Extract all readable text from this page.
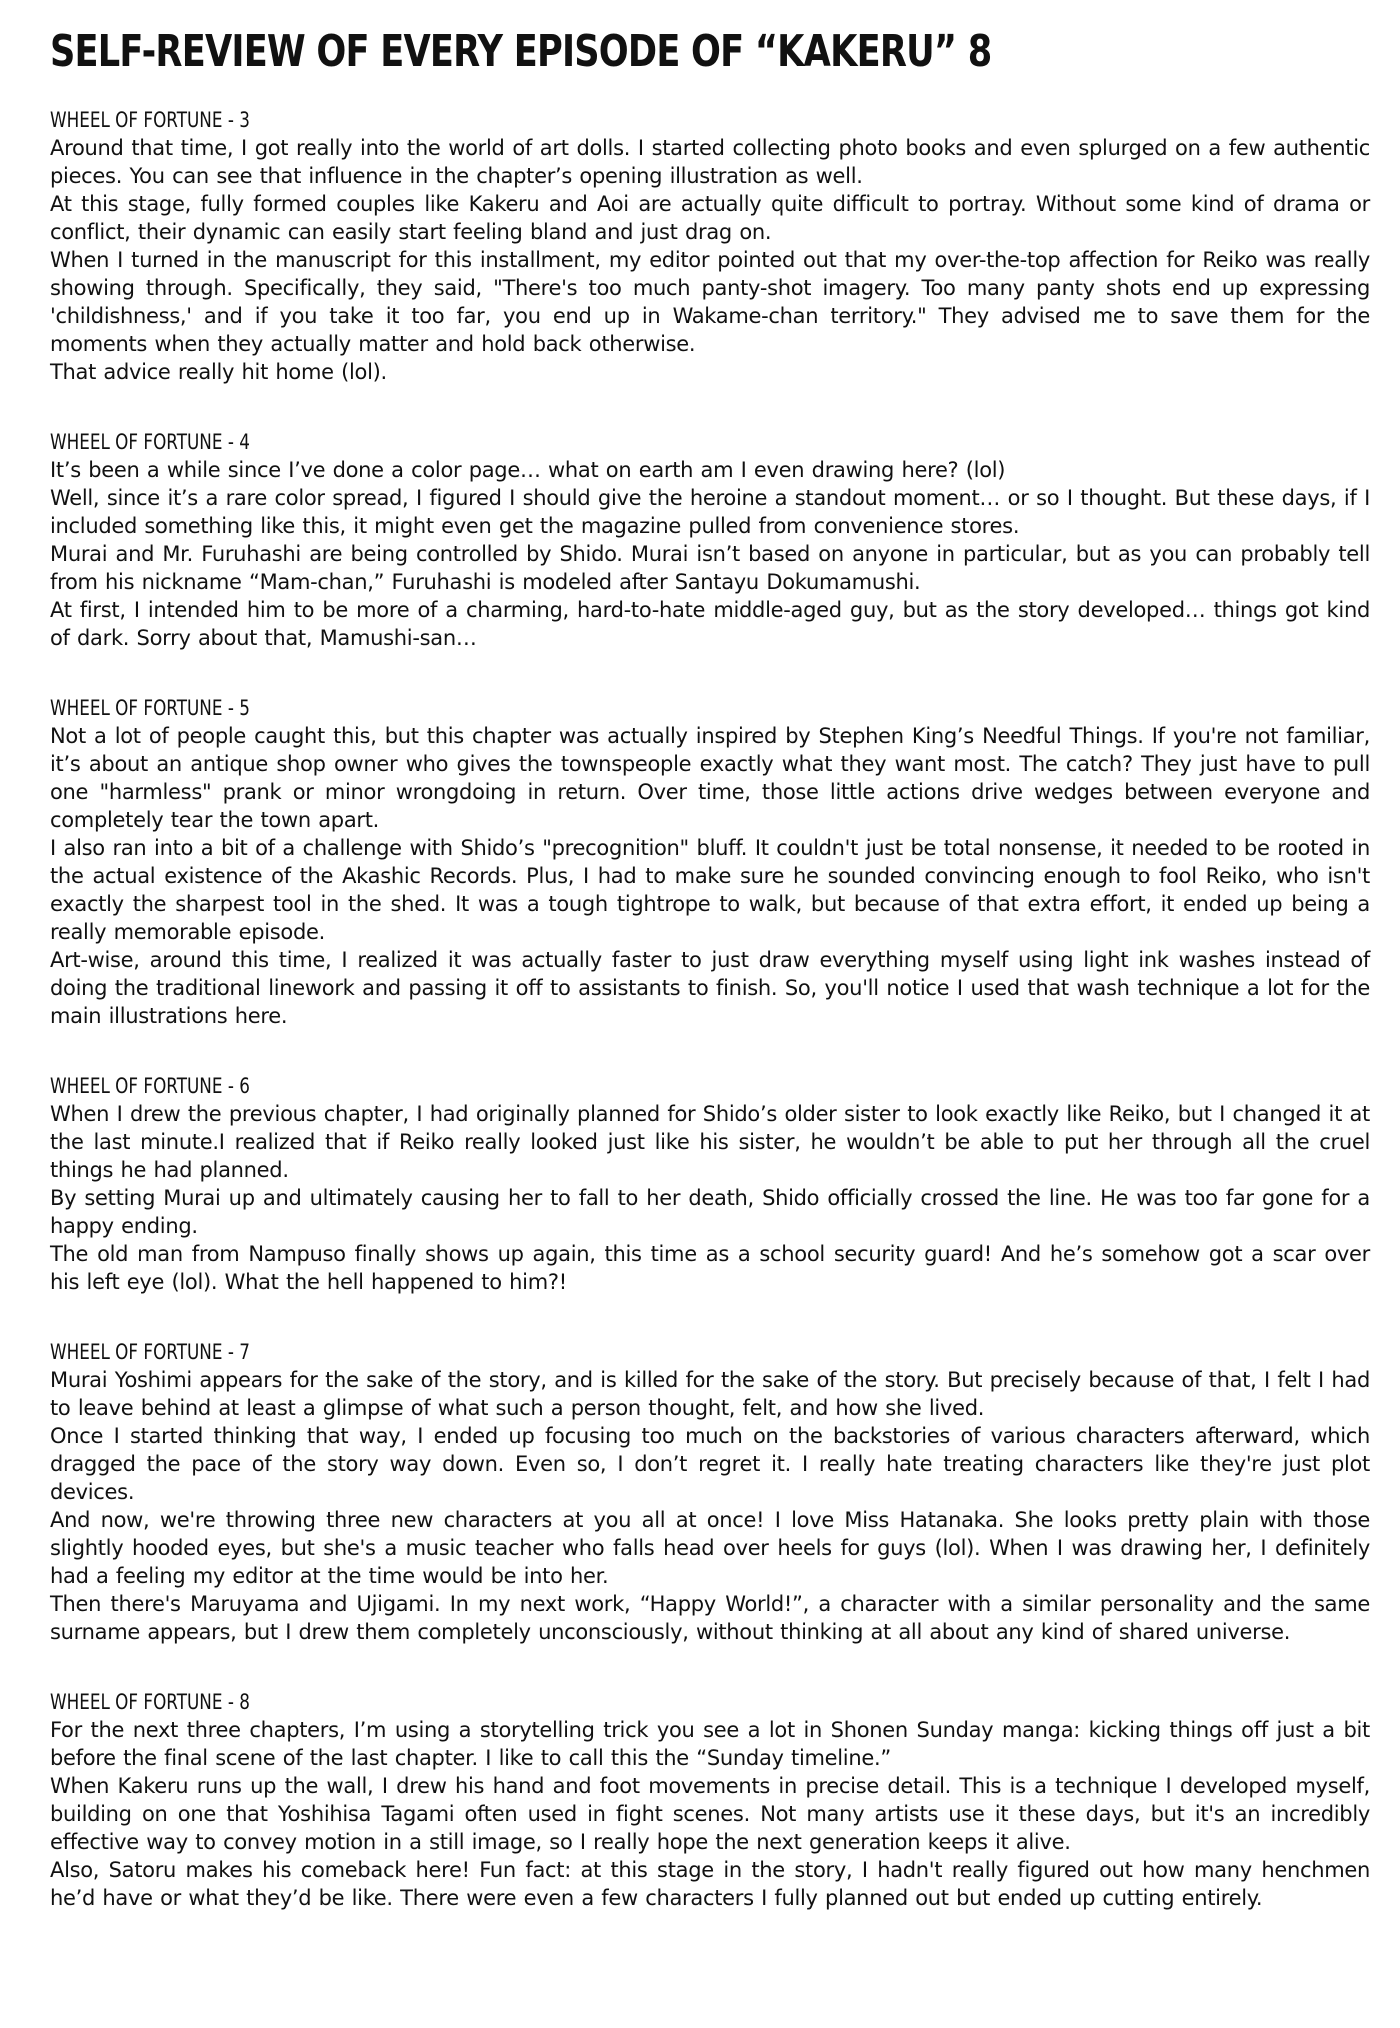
SELF-REVIEW OF EVERY EPISODE OF “KAKERU” 8
WHEEL OF FORTUNE - 3

Around that time, I got really into the world of art dolls. I started collecting photo books and even splurged on a few authentic pieces. You can see that influence in the chapter’s opening illustration as well.

At this stage, fully formed couples like Kakeru and Aoi are actually quite difficult to portray. Without some kind of drama or conflict, their dynamic can easily start feeling bland and just drag on.

When I turned in the manuscript for this installment, my editor pointed out that my over-the-top affection for Reiko was really showing through. Specifically, they said, "There's too much panty-shot imagery. Too many panty shots end up expressing 'childishness,' and if you take it too far, you end up in Wakame-chan territory." They advised me to save them for the moments when they actually matter and hold back otherwise.

That advice really hit home (lol).

WHEEL OF FORTUNE - 4

It’s been a while since I’ve done a color page… what on earth am I even drawing here? (lol)

Well, since it’s a rare color spread, I figured I should give the heroine a standout moment… or so I thought. But these days, if I included something like this, it might even get the magazine pulled from convenience stores.

Murai and Mr. Furuhashi are being controlled by Shido. Murai isn’t based on anyone in particular, but as you can probably tell from his nickname “Mam-chan,” Furuhashi is modeled after Santayu Dokumamushi.

At first, I intended him to be more of a charming, hard-to-hate middle-aged guy, but as the story developed… things got kind of dark. Sorry about that, Mamushi-san…

WHEEL OF FORTUNE - 5

Not a lot of people caught this, but this chapter was actually inspired by Stephen King’s Needful Things. If you're not familiar, it’s about an antique shop owner who gives the townspeople exactly what they want most. The catch? They just have to pull one "harmless" prank or minor wrongdoing in return. Over time, those little actions drive wedges between everyone and completely tear the town apart.

I also ran into a bit of a challenge with Shido’s "precognition" bluff. It couldn't just be total nonsense, it needed to be rooted in the actual existence of the Akashic Records. Plus, I had to make sure he sounded convincing enough to fool Reiko, who isn't exactly the sharpest tool in the shed. It was a tough tightrope to walk, but because of that extra effort, it ended up being a really memorable episode.

Art-wise, around this time, I realized it was actually faster to just draw everything myself using light ink washes instead of doing the traditional linework and passing it off to assistants to finish. So, you'll notice I used that wash technique a lot for the main illustrations here.

WHEEL OF FORTUNE - 6

When I drew the previous chapter, I had originally planned for Shido’s older sister to look exactly like Reiko, but I changed it at the last minute.I realized that if Reiko really looked just like his sister, he wouldn’t be able to put her through all the cruel things he had planned.

By setting Murai up and ultimately causing her to fall to her death, Shido officially crossed the line. He was too far gone for a happy ending.

The old man from Nampuso finally shows up again, this time as a school security guard! And he’s somehow got a scar over his left eye (lol). What the hell happened to him?!

WHEEL OF FORTUNE - 7

Murai Yoshimi appears for the sake of the story, and is killed for the sake of the story. But precisely because of that, I felt I had to leave behind at least a glimpse of what such a person thought, felt, and how she lived.

Once I started thinking that way, I ended up focusing too much on the backstories of various characters afterward, which dragged the pace of the story way down. Even so, I don’t regret it. I really hate treating characters like they're just plot devices.

And now, we're throwing three new characters at you all at once! I love Miss Hatanaka. She looks pretty plain with those slightly hooded eyes, but she's a music teacher who falls head over heels for guys (lol). When I was drawing her, I definitely had a feeling my editor at the time would be into her.

Then there's Maruyama and Ujigami. In my next work, “Happy World!”, a character with a similar personality and the same surname appears, but I drew them completely unconsciously, without thinking at all about any kind of shared universe.

WHEEL OF FORTUNE - 8

For the next three chapters, I’m using a storytelling trick you see a lot in Shonen Sunday manga: kicking things off just a bit before the final scene of the last chapter. I like to call this the “Sunday timeline.”

When Kakeru runs up the wall, I drew his hand and foot movements in precise detail. This is a technique I developed myself, building on one that Yoshihisa Tagami often used in fight scenes. Not many artists use it these days, but it's an incredibly effective way to convey motion in a still image, so I really hope the next generation keeps it alive.

Also, Satoru makes his comeback here! Fun fact: at this stage in the story, I hadn't really figured out how many henchmen he’d have or what they’d be like. There were even a few characters I fully planned out but ended up cutting entirely.
